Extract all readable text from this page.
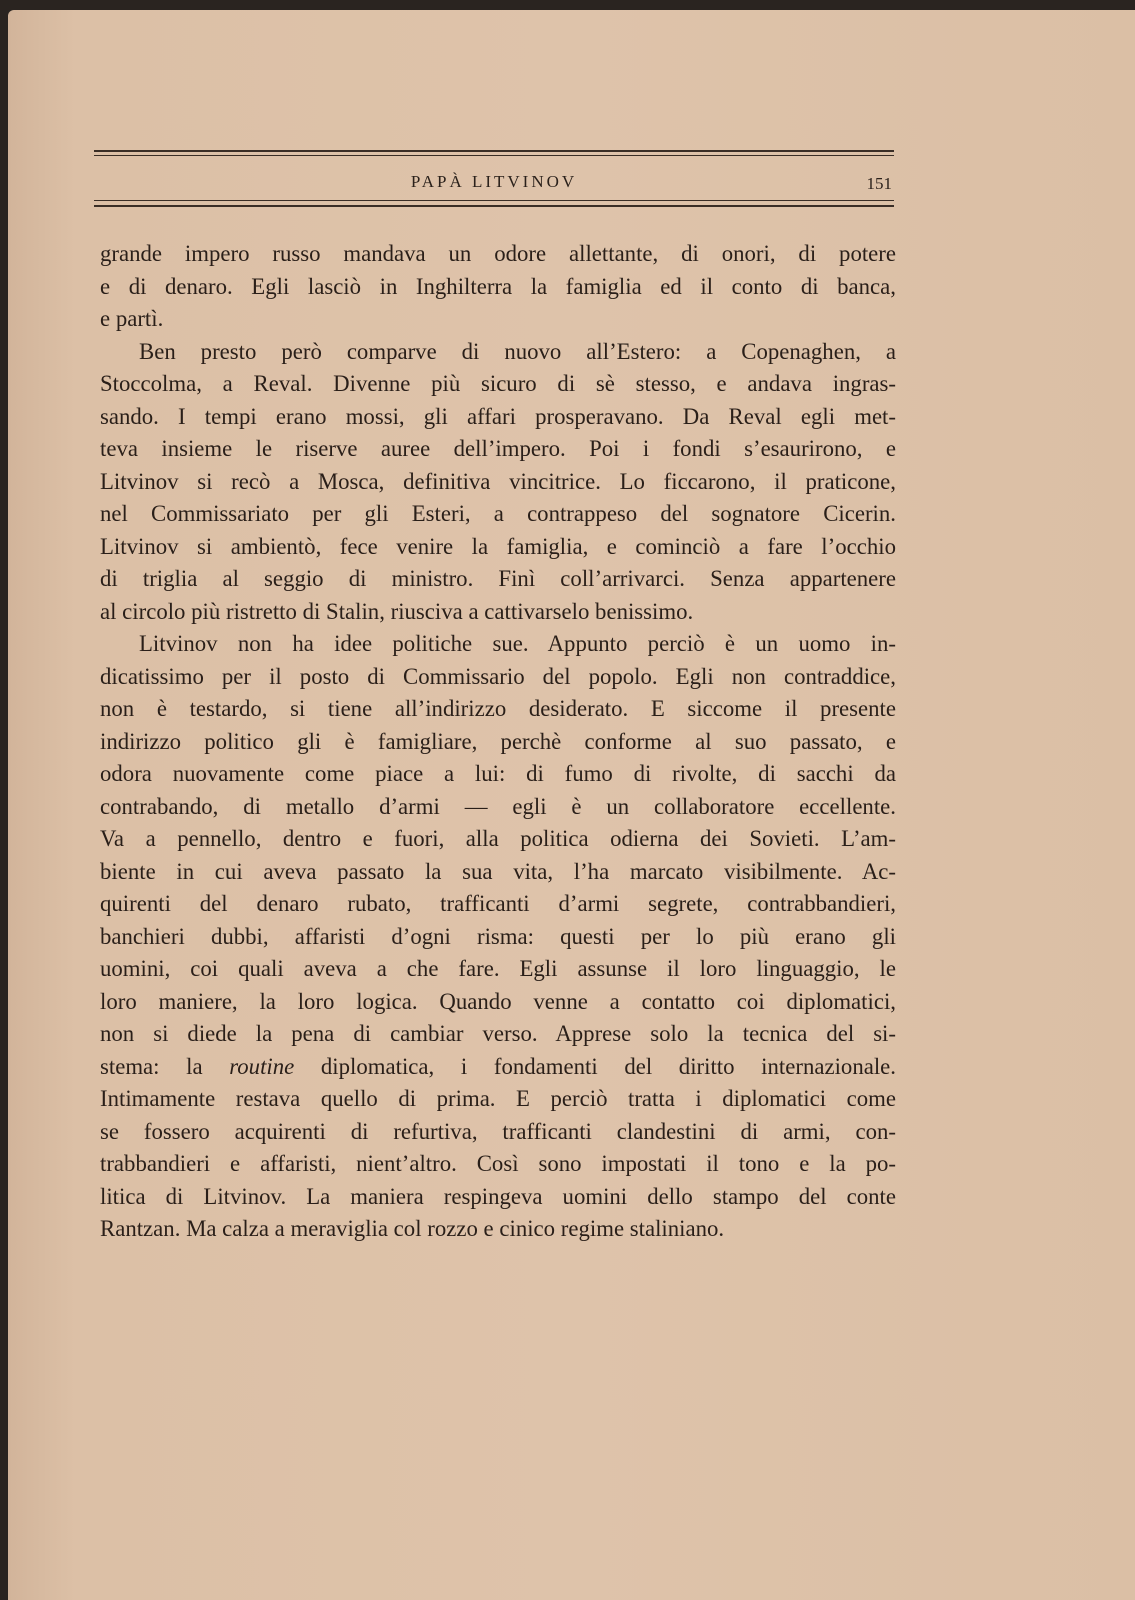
PAPÀ LITVINOV	151
grande impero russo mandava un odore allettante, di onori, di potere
e di denaro. Egli lasciò in Inghilterra la famiglia ed il conto di banca,
e partì.
Ben presto però comparve di nuovo all’Estero: a Copenaghen, a
Stoccolma, a Reval. Divenne più sicuro di sè stesso, e andava ingras-
sando. I tempi erano mossi, gli affari prosperavano. Da Reval egli met-
teva insieme le riserve auree dell’impero. Poi i fondi s’esaurirono, e
Litvinov si recò a Mosca, definitiva vincitrice. Lo ficcarono, il praticone,
nel Commissariato per gli Esteri, a contrappeso del sognatore Cicerin.
Litvinov si ambientò, fece venire la famiglia, e cominciò a fare l’occhio
di triglia al seggio di ministro. Finì coll’arrivarci. Senza appartenere
al circolo più ristretto di Stalin, riusciva a cattivarselo benissimo.
Litvinov non ha idee politiche sue. Appunto perciò è un uomo in-
dicatissimo per il posto di Commissario del popolo. Egli non contraddice,
non è testardo, si tiene all’indirizzo desiderato. E siccome il presente
indirizzo politico gli è famigliare, perchè conforme al suo passato, e
odora nuovamente come piace a lui: di fumo di rivolte, di sacchi da
contrabando, di metallo d’armi — egli è un collaboratore eccellente.
Va a pennello, dentro e fuori, alla politica odierna dei Sovieti. L’am-
biente in cui aveva passato la sua vita, l’ha marcato visibilmente. Ac-
quirenti del denaro rubato, trafficanti d’armi segrete, contrabbandieri,
banchieri dubbi, affaristi d’ogni risma: questi per lo più erano gli
uomini, coi quali aveva a che fare. Egli assunse il loro linguaggio, le
loro maniere, la loro logica. Quando venne a contatto coi diplomatici,
non si diede la pena di cambiar verso. Apprese solo la tecnica del si-
stema: la routine diplomatica, i fondamenti del diritto internazionale.
Intimamente restava quello di prima. E perciò tratta i diplomatici come
se fossero acquirenti di refurtiva, trafficanti clandestini di armi, con-
trabbandieri e affaristi, nient’altro. Così sono impostati il tono e la po-
litica di Litvinov. La maniera respingeva uomini dello stampo del conte
Rantzan. Ma calza a meraviglia col rozzo e cinico regime staliniano.
